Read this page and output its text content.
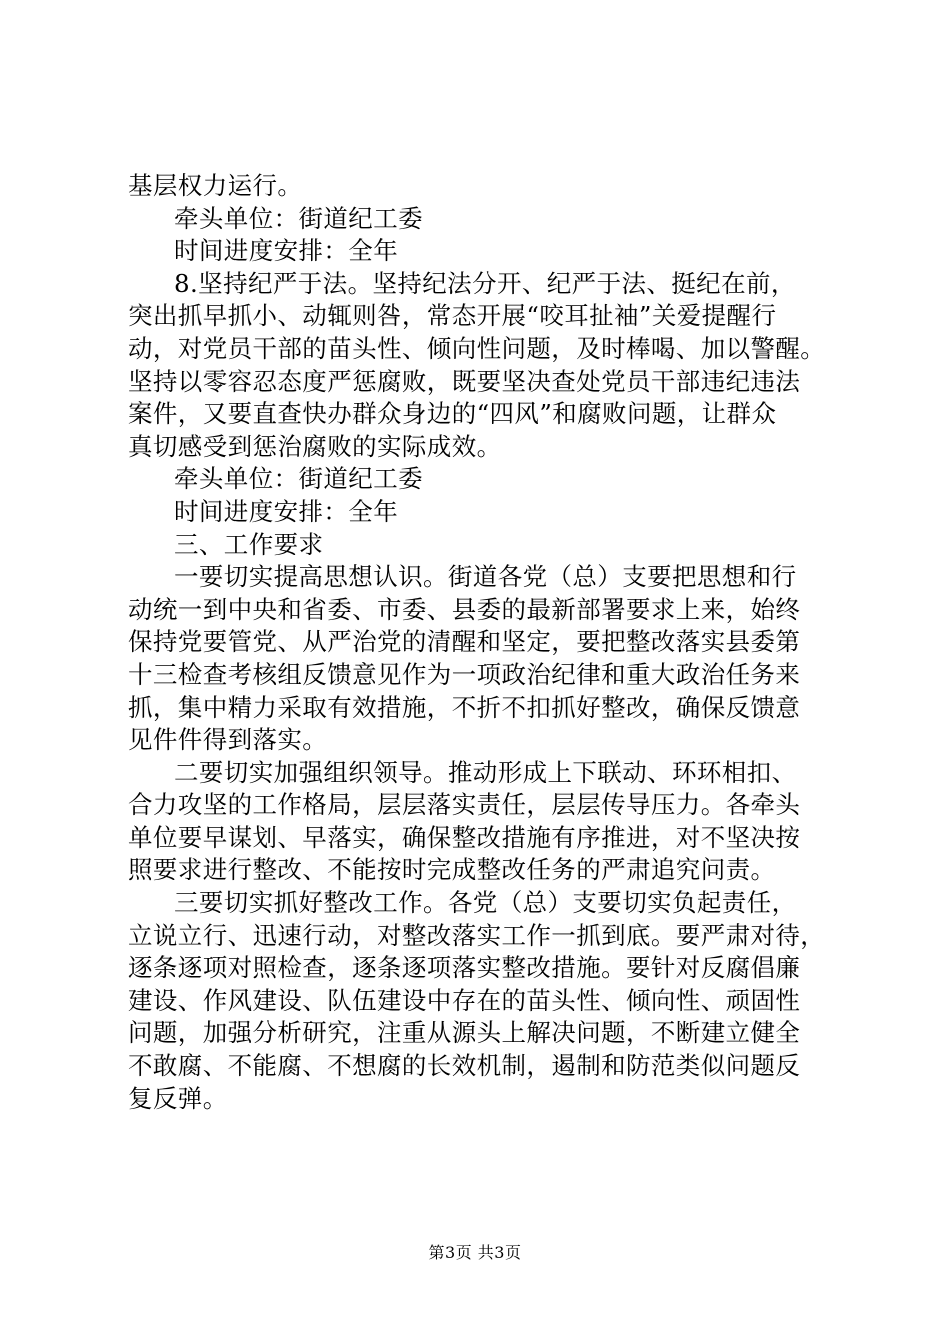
基层权力运行。
牵头单位：街道纪工委
时间进度安排：全年
8.坚持纪严于法。坚持纪法分开、纪严于法、挺纪在前，
突出抓早抓小、动辄则咎，常态开展“咬耳扯袖”关爱提醒行
动，对党员干部的苗头性、倾向性问题，及时棒喝、加以警醒。
坚持以零容忍态度严惩腐败，既要坚决查处党员干部违纪违法
案件，又要直查快办群众身边的“四风”和腐败问题，让群众
真切感受到惩治腐败的实际成效。
牵头单位：街道纪工委
时间进度安排：全年
三、工作要求
一要切实提高思想认识。街道各党（总）支要把思想和行
动统一到中央和省委、市委、县委的最新部署要求上来，始终
保持党要管党、从严治党的清醒和坚定，要把整改落实县委第
十三检查考核组反馈意见作为一项政治纪律和重大政治任务来
抓，集中精力采取有效措施，不折不扣抓好整改，确保反馈意
见件件得到落实。
二要切实加强组织领导。推动形成上下联动、环环相扣、
合力攻坚的工作格局，层层落实责任，层层传导压力。各牵头
单位要早谋划、早落实，确保整改措施有序推进，对不坚决按
照要求进行整改、不能按时完成整改任务的严肃追究问责。
三要切实抓好整改工作。各党（总）支要切实负起责任，
立说立行、迅速行动，对整改落实工作一抓到底。要严肃对待，
逐条逐项对照检查，逐条逐项落实整改措施。要针对反腐倡廉
建设、作风建设、队伍建设中存在的苗头性、倾向性、顽固性
问题，加强分析研究，注重从源头上解决问题，不断建立健全
不敢腐、不能腐、不想腐的长效机制，遏制和防范类似问题反
复反弹。
第3页 共3页
